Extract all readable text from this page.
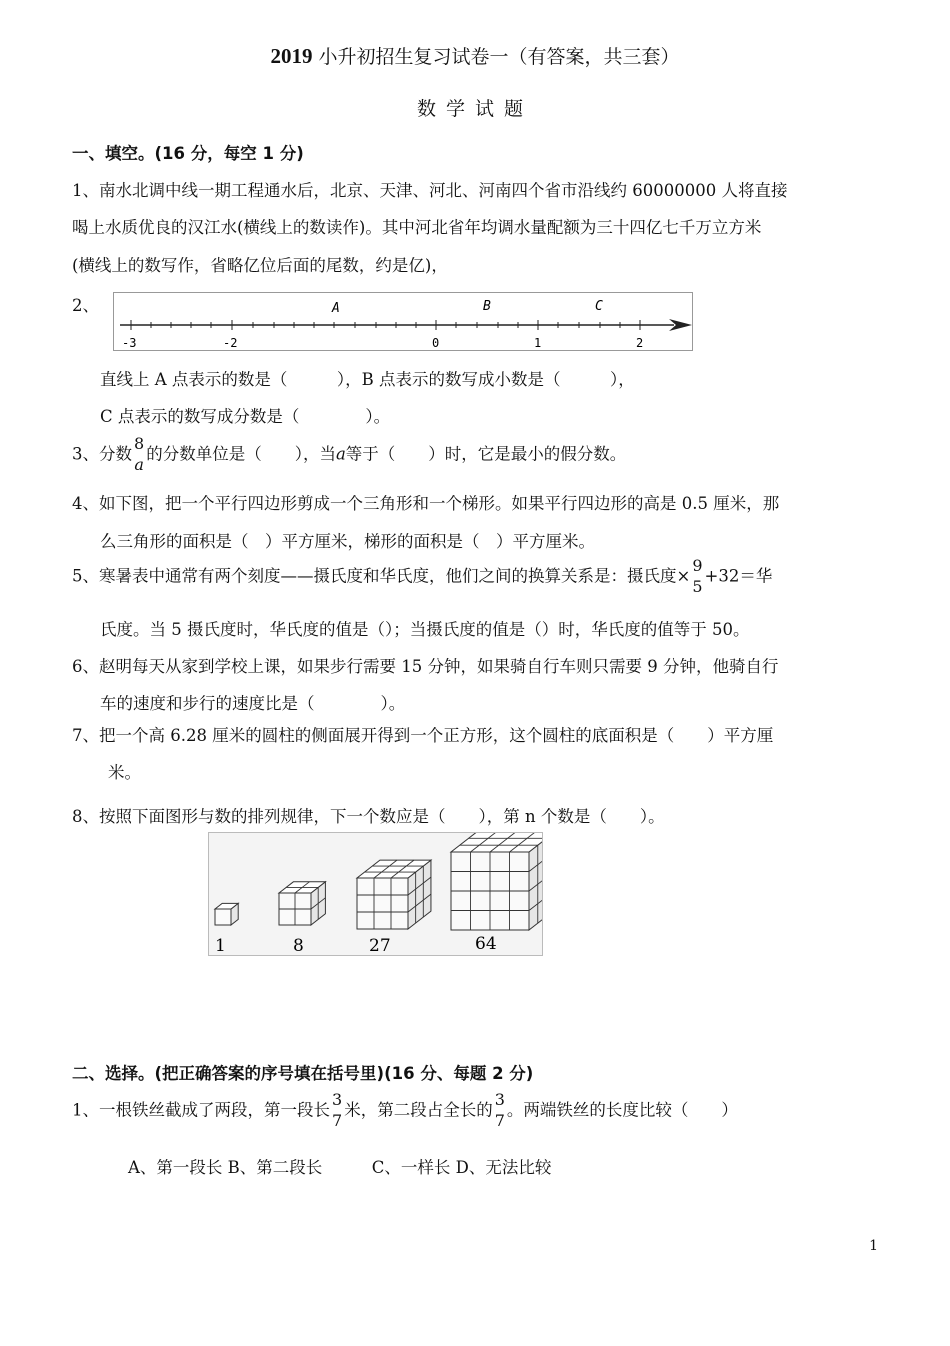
2019 小升初招生复习试卷一（有答案，共三套）
数学试题
一、填空。(16 分，每空 1 分)
1、南水北调中线一期工程通水后，北京、天津、河北、河南四个省市沿线约 60000000 人将直接
喝上水质优良的汉江水(横线上的数读作)。其中河北省年均调水量配额为三十四亿七千万立方米
(横线上的数写作，省略亿位后面的尾数，约是亿)，
2、	A	B	C
-3	-2	0	1	2
直线上 A 点表示的数是（　　　），B 点表示的数写成小数是（　　　），
C 点表示的数写成分数是（　　　　）。
3、分数
8
a
的分数单位是（　　），当a等于（　　）时，它是最小的假分数。
4、如下图，把一个平行四边形剪成一个三角形和一个梯形。如果平行四边形的高是 0.5 厘米，那
么三角形的面积是（　）平方厘米，梯形的面积是（　）平方厘米。
5、寒暑表中通常有两个刻度——摄氏度和华氏度，他们之间的换算关系是：摄氏度×
9
5
+32＝华
氏度。当 5 摄氏度时，华氏度的值是（）；当摄氏度的值是（）时，华氏度的值等于 50。
6、赵明每天从家到学校上课，如果步行需要 15 分钟，如果骑自行车则只需要 9 分钟，他骑自行
车的速度和步行的速度比是（　　　　）。
7、把一个高 6.28 厘米的圆柱的侧面展开得到一个正方形，这个圆柱的底面积是（　　）平方厘
米。
8、按照下面图形与数的排列规律，下一个数应是（　　），第 n 个数是（　　）。
1	8	27	64
二、选择。(把正确答案的序号填在括号里)(16 分、每题 2 分)
1、一根铁丝截成了两段，第一段长
3
7
米，第二段占全长的
3
7
。两端铁丝的长度比较（　　）
A、第一段长 B、第二段长　　　C、一样长 D、无法比较
1
